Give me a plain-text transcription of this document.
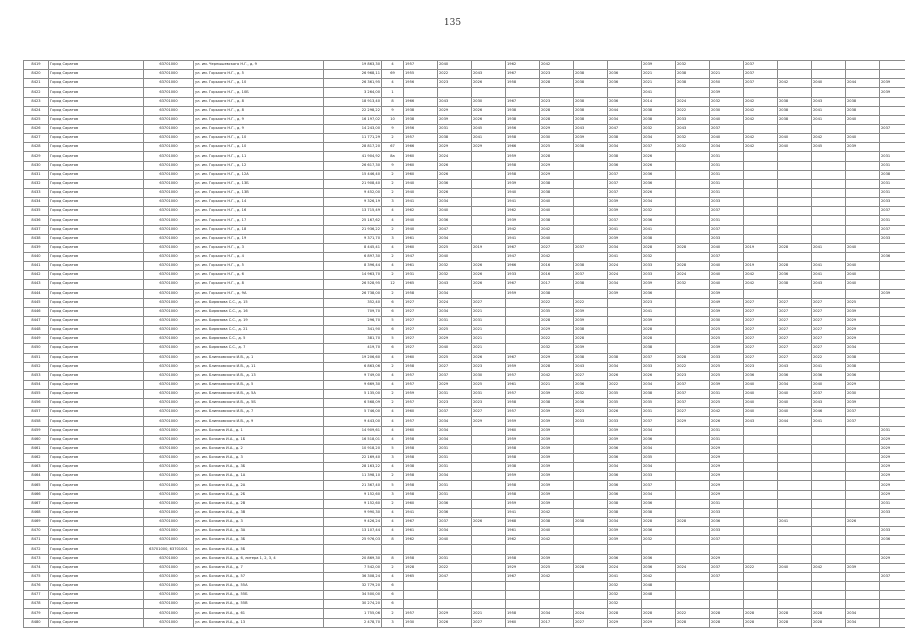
135
8419	Город Саратов	63701000	ул. им. Чернышевского Н.Г., д. 9	19 863,30	4	1957	2040		1962	2042			2039	2032		2037				
8420	Город Саратов	63701000	ул. им. Горького Н.Г., д. 5	26 968,11	69	1955	2022	2043	1967	2023	2038	2036	2021	2038	2021	2037				
8421	Город Саратов	63701000	ул. им. Горького Н.Г., д. 10	26 361,95	4	1956	2023	2026	1958	2028	2038	2036	2021	2038	2050	2037	2042	2040	2044	2039
8422	Город Саратов	63701000	ул. им. Горького Н.Г., д. 10Б	3 264,00	1								2041		2039					2039
8423	Город Саратов	63701000	ул. им. Горького Н.Г., д. 8	18 913,40	8	1966	2043	2030	1967	2023	2038	2036	2014	2024	2032	2042	2038	2043	2038	
8424	Город Саратов	63701000	ул. им. Горького Н.Г., д. 8	22 298,22	9	1938	2029	2026	1938	2028	2038	2044	2038	2022	2030	2042	2038	2041	2038	
8425	Город Саратов	63701000	ул. им. Горького Н.Г., д. 9	16 197,02	10	1938	2039	2026	1938	2028	2038	2034	2038	2033	2040	2042	2038	2041	2040	
8426	Город Саратов	63701000	ул. им. Горького Н.Г., д. 9	14 243,00	9	1956	2031	2045	1956	2029	2043	2047	2032	2043	2037					2037
8427	Город Саратов	63701000	ул. им. Горького Н.Г., д. 10	11 771,29	2	1957	2038	2041	1958	2030	2039	2038	2034	2032	2040	2042	2040	2042	2040	
8428	Город Саратов	63701000	ул. им. Горького Н.Г., д. 10	28 817,20	67	1966	2029	2029	1966	2025	2038	2034	2037	2032	2034	2042	2040	2045	2039	
8429	Город Саратов	63701000	ул. им. Горького Н.Г., д. 11	41 904,92	8а	1960	2024		1959	2028		2038	2026		2031					2031
8430	Город Саратов	63701000	ул. им. Горького Н.Г., д. 12	26 617,30	9	1960	2026		1958	2029		2036	2026		2031					2031
8431	Город Саратов	63701000	ул. им. Горького Н.Г., д. 12А	15 446,40	2	1960	2026		1958	2029		2037	2036		2031					2038
8432	Город Саратов	63701000	ул. им. Горького Н.Г., д. 13Б	21 908,40	2	1940	2036		1939	2038		2037	2036		2031					2031
8433	Город Саратов	63701000	ул. им. Горького Н.Г., д. 13В	9 452,00	2	1940	2026		1940	2038		2037	2026		2031					2031
8434	Город Саратов	63701000	ул. им. Горького Н.Г., д. 14	9 326,19	3	1941	2034		1941	2040		2039	2034		2033					2033
8435	Город Саратов	63701000	ул. им. Горького Н.Г., д. 16	13 715,49	4	1962	2040		1962	2040		2039	2032		2037					2037
8436	Город Саратов	63701000	ул. им. Горького Н.Г., д. 17	25 167,62	4	1940	2036		1939	2038		2037	2036		2031					2031
8437	Город Саратов	63701000	ул. им. Горького Н.Г., д. 18	21 936,22	2	1940	2047		1942	2042		2041	2041		2037					2037
8438	Город Саратов	63701000	ул. им. Горького Н.Г., д. 19	9 371,70	3	1961	2034		1941	2040		2039	2038		2033					2033
8439	Город Саратов	63701000	ул. им. Горького Н.Г., д. 3	8 445,41	4	1960	2025	2019	1967	2027	2037	2034	2028	2028	2040	2019	2028	2041	2040	
8440	Город Саратов	63701000	ул. им. Горького Н.Г., д. 4	6 897,30	2	1947	2040		1947	2042		2041	2032		2037					2036
8441	Город Саратов	63701000	ул. им. Горького Н.Г., д. 5	8 396,44	4	1961	2032	2026	1966	2016	2038	2024	2033	2028	2040	2019	2028	2041	2040	
8442	Город Саратов	63701000	ул. им. Горького Н.Г., д. 6	14 963,70	2	1931	2032	2026	1933	2016	2037	2024	2033	2024	2040	2042	2036	2041	2040	
8443	Город Саратов	63701000	ул. им. Горького Н.Г., д. 8	26 528,95	12	1965	2043	2026	1967	2017	2038	2034	2039	2032	2040	2042	2038	2043	2040	
8444	Город Саратов	63701000	ул. им. Горького Н.Г., д. 9А	26 738,00	2	1958	2034		1959	2038		2039	2036		2039					2039
8445	Город Саратов	63701000	ул. им. Бирюзова С.С., д. 15	352,40	6	1927	2024	2027		2022	2022		2023		2049	2027	2027	2027	2025	
8446	Город Саратов	63701000	ул. им. Бирюзова С.С., д. 16	709,70	6	1927	2034	2021		2035	2039		2041		2039	2027	2027	2027	2039	
8447	Город Саратов	63701000	ул. им. Бирюзова С.С., д. 19	296,70	5	1927	2031	2031		2028	2039		2039		2030	2027	2027	2027	2029	
8448	Город Саратов	63701000	ул. им. Бирюзова С.С., д. 21	341,90	6	1927	2025	2021		2029	2038		2028		2025	2027	2027	2027	2029	
8449	Город Саратов	63701000	ул. им. Бирюзова С.С., д. 5	381,70	5	1927	2029	2021		2022	2028		2028		2025	2027	2027	2027	2029	
8450	Город Саратов	63701000	ул. им. Бирюзова С.С., д. 7	419,70	6	1927	2040	2021		2032	2039		2038		2039	2027	2027	2027	2034	
8451	Город Саратов	63701000	ул. им. Блинковского И.В., д. 1	19 206,60	4	1960	2025	2026	1967	2029	2038	2038	2037	2028	2033	2027	2027	2022	2038	
8452	Город Саратов	63701000	ул. им. Блинковского И.В., д. 11	6 863,06	2	1958	2027	2023	1959	2028	2043	2034	2033	2022	2025	2023	2043	2041	2038	
8453	Город Саратов	63701000	ул. им. Блинковского И.В., д. 13	9 749,00	4	1957	2037	2030	1957	2042	2027	2026	2026	2023	2025	2036	2036	2036	2036	
8454	Город Саратов	63701000	ул. им. Блинковского И.В., д. 5	9 669,30	4	1957	2029	2025	1961	2021	2036	2022	2034	2037	2039	2040	2034	2040	2029	
8455	Город Саратов	63701000	ул. им. Блинковского И.В., д. 5А	5 135,00	2	1959	2031	2031	1957	2039	2032	2035	2038	2037	2031	2040	2040	2037	2030	
8456	Город Саратов	63701000	ул. им. Блинковского И.В., д. 5Б	6 568,09	2	1957	2023	2023	1958	2038	2036	2035	2035	2037	2025	2040	2040	2043	2039	
8457	Город Саратов	63701000	ул. им. Блинковского И.В., д. 7	5 746,00	4	1960	2037	2027	1957	2039	2023	2026	2031	2027	2042	2040	2040	2046	2037	
8458	Город Саратов	63701000	ул. им. Блинковского И.В., д. 9	9 443,00	4	1957	2034	2029	1959	2039	2033	2033	2037	2029	2026	2043	2044	2041	2037	
8459	Город Саратов	63701000	ул. им. Бочкина И.А., д. 1	14 909,61	4	1960	2034		1960	2039		2039	2034		2031					2031
8460	Город Саратов	63701000	ул. им. Бочкина И.А., д. 1Б	16 518,01	4	1958	2034		1959	2039		2039	2036		2031					2029
8461	Город Саратов	63701000	ул. им. Бочкина И.А., д. 2	10 918,20	5	1958	2031		1958	2039		2036	2034		2029					2029
8462	Город Саратов	63701000	ул. им. Бочкина И.А., д. 3	22 169,40	3	1958	2031		1958	2039		2036	2035		2029					2029
8463	Город Саратов	63701000	ул. им. Бочкина И.А., д. 3Б	28 163,22	4	1938	2031		1938	2039		2034	2034		2029					2029
8464	Город Саратов	63701000	ул. им. Бочкина И.А., д. 1А	11 398,10	2	1958	2034		1959	2039		2036	2033		2029					2029
8465	Город Саратов	63701000	ул. им. Бочкина И.А., д. 2А	21 367,40	5	1958	2031		1958	2039		2036	2037		2029					2029
8466	Город Саратов	63701000	ул. им. Бочкина И.А., д. 2Б	9 152,60	3	1958	2031		1958	2039		2036	2034		2029					2029
8467	Город Саратов	63701000	ул. им. Бочкина И.А., д. 2В	9 152,60	2	1960	2036		1959	2039		2038	2036		2031					2031
8468	Город Саратов	63701000	ул. им. Бочкина И.А., д. 3В	9 990,30	4	1941	2036		1941	2042		2038	2038		2033					2033
8469	Город Саратов	63701000	ул. им. Бочкина И.А., д. 3	9 426,24	4	1967	2037	2026	1968	2038	2038	2034	2028	2028	2036		2041		2026	
8470	Город Саратов	63701000	ул. им. Бочкина И.А., д. 3А	13 107,44	4	1961	2034		1961	2040		2039	2036		2033					2033
8471	Город Саратов	63701000	ул. им. Бочкина И.А., д. 3Б	25 976,03	8	1962	2040		1962	2042		2039	2032		2037					2036
8472	Город Саратов	63701000, 63701001	ул. им. Бочкина И.А., д. 5Б																	
8473	Город Саратов	63701000	ул. им. Бочкина И.А., д. 6, литера 1, 2, 3, 4	20 869,30	8	1958	2031		1958	2039		2036	2036		2029					2029
8474	Город Саратов	63701000	ул. им. Бочкина И.А., д. 7	7 542,00	2	1928	2022		1929	2025	2028	2024	2036	2024	2037	2022	2040	2042	2039	
8475	Город Саратов	63701000	ул. им. Бочкина И.А., д. 57	36 308,24	4	1965	2047		1967	2042		2041	2042		2037					2037
8476	Город Саратов	63701000	ул. им. Бочкина И.А., д. 55А	32 779,20	6							2032	2048							
8477	Город Саратов	63701000	ул. им. Бочкина И.А., д. 55Б	34 500,00	6							2032	2048							
8478	Город Саратов	63701000	ул. им. Бочкина И.А., д. 55В	30 274,20	6							2032								
8479	Город Саратов	63701000	ул. им. Бочкина И.А., д. 61	1 755,06	2	1957	2029	2021	1958	2034	2024	2028	2028	2022	2028	2028	2028	2028	2034	
8480	Город Саратов	63701000	ул. им. Бочкина И.А., д. 13	2 478,70	3	1930	2026	2027	1960	2017	2027	2029	2029	2028	2028	2028	2028	2028	2034	
